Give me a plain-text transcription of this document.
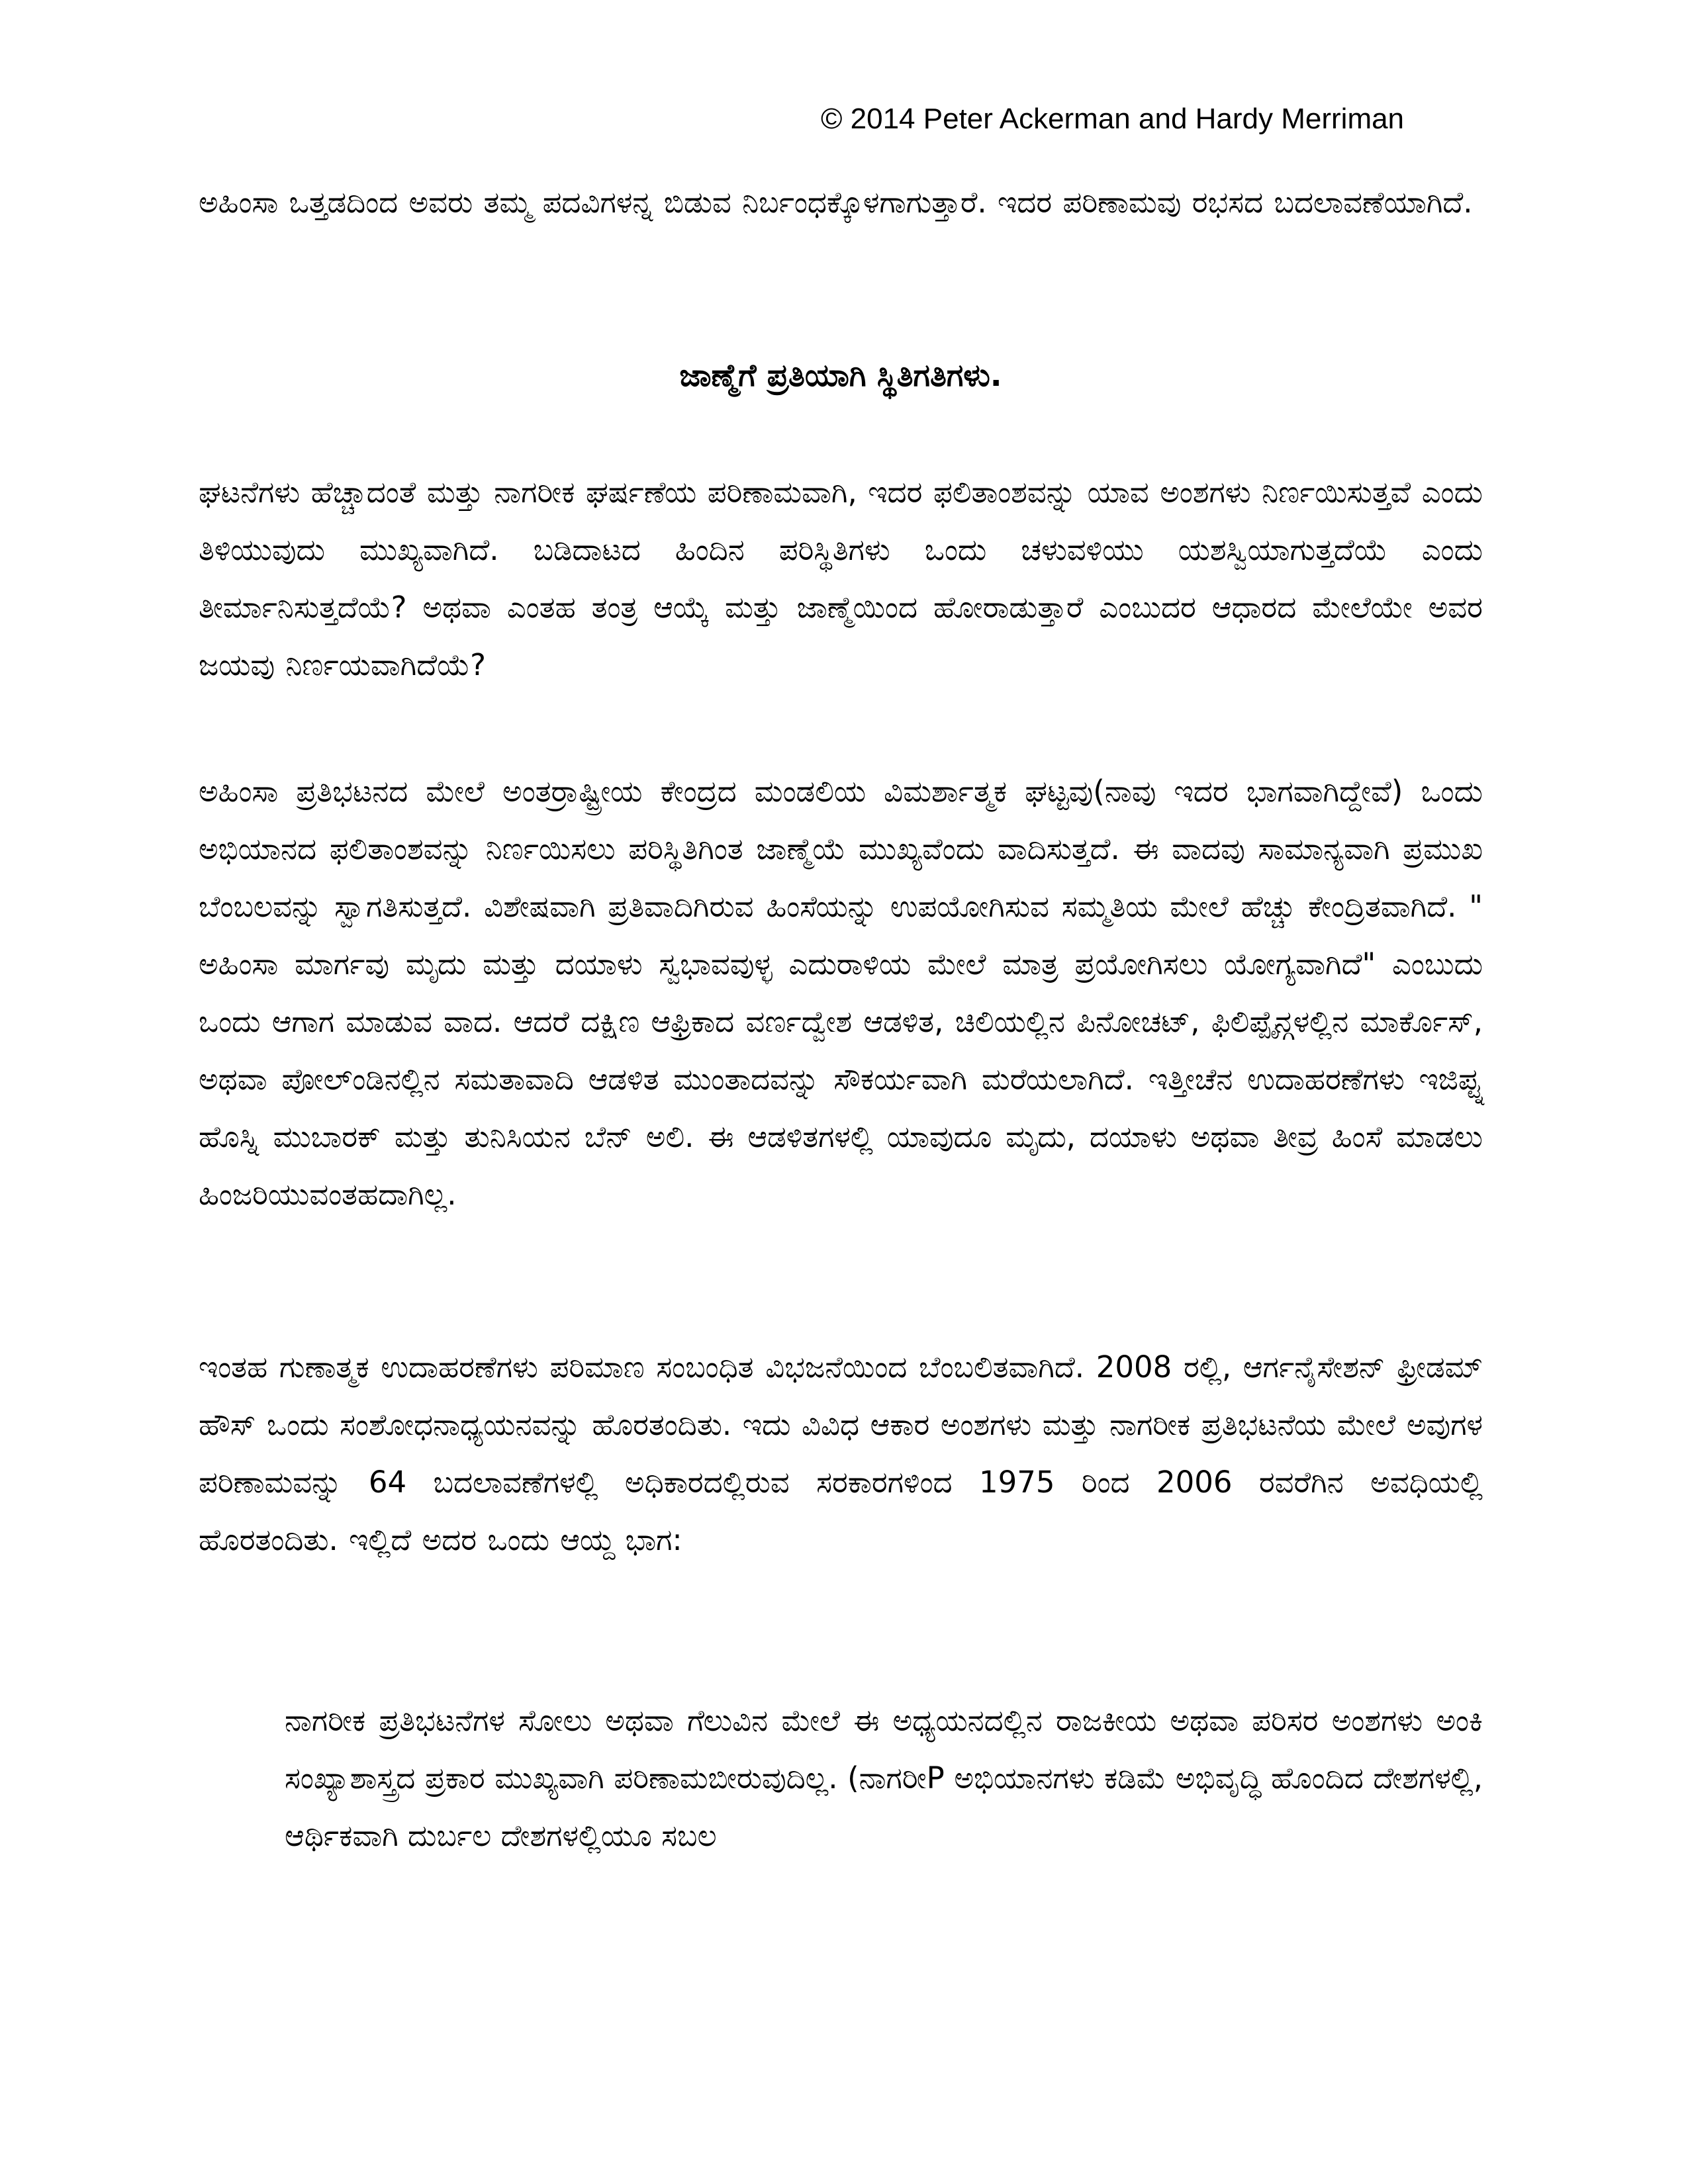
© 2014 Peter Ackerman and Hardy Merriman

ಅಹಿಂಸಾ ಒತ್ತಡದಿಂದ ಅವರು ತಮ್ಮ ಪದವಿಗಳನ್ನ ಬಿಡುವ ನಿರ್ಬಂಧಕ್ಕೊಳಗಾಗುತ್ತಾರೆ. ಇದರ ಪರಿಣಾಮವು ರಭಸದ ಬದಲಾವಣೆಯಾಗಿದೆ.

ಜಾಣ್ಮೆಗೆ ಪ್ರತಿಯಾಗಿ ಸ್ಥಿತಿಗತಿಗಳು.

ಘಟನೆಗಳು ಹೆಚ್ಚಾದಂತೆ ಮತ್ತು ನಾಗರೀಕ ಘರ್ಷಣೆಯ ಪರಿಣಾಮವಾಗಿ, ಇದರ ಫಲಿತಾಂಶವನ್ನು ಯಾವ ಅಂಶಗಳು ನಿರ್ಣಯಿಸುತ್ತವೆ ಎಂದು ತಿಳಿಯುವುದು ಮುಖ್ಯವಾಗಿದೆ. ಬಡಿದಾಟದ ಹಿಂದಿನ ಪರಿಸ್ಥಿತಿಗಳು ಒಂದು ಚಳುವಳಿಯು ಯಶಸ್ವಿಯಾಗುತ್ತದೆಯೆ ಎಂದು ತೀರ್ಮಾನಿಸುತ್ತದೆಯೆ? ಅಥವಾ ಎಂತಹ ತಂತ್ರ ಆಯ್ಕೆ ಮತ್ತು ಜಾಣ್ಮೆಯಿಂದ ಹೋರಾಡುತ್ತಾರೆ ಎಂಬುದರ ಆಧಾರದ ಮೇಲೆಯೇ ಅವರ ಜಯವು ನಿರ್ಣಯವಾಗಿದೆಯೆ?

ಅಹಿಂಸಾ ಪ್ರತಿಭಟನದ ಮೇಲೆ ಅಂತರ್ರಾಷ್ಟ್ರೀಯ ಕೇಂದ್ರದ ಮಂಡಲಿಯ ವಿಮರ್ಶಾತ್ಮಕ ಘಟ್ಟವು(ನಾವು ಇದರ ಭಾಗವಾಗಿದ್ದೇವೆ) ಒಂದು ಅಭಿಯಾನದ ಫಲಿತಾಂಶವನ್ನು ನಿರ್ಣಯಿಸಲು ಪರಿಸ್ಥಿತಿಗಿಂತ ಜಾಣ್ಮೆಯೆ ಮುಖ್ಯವೆಂದು ವಾದಿಸುತ್ತದೆ. ಈ ವಾದವು ಸಾಮಾನ್ಯವಾಗಿ ಪ್ರಮುಖ ಬೆಂಬಲವನ್ನು ಸ್ವಾಗತಿಸುತ್ತದೆ. ವಿಶೇಷವಾಗಿ ಪ್ರತಿವಾದಿಗಿರುವ ಹಿಂಸೆಯನ್ನು ಉಪಯೋಗಿಸುವ ಸಮ್ಮತಿಯ ಮೇಲೆ ಹೆಚ್ಚು ಕೇಂದ್ರಿತವಾಗಿದೆ. " ಅಹಿಂಸಾ ಮಾರ್ಗವು ಮೃದು ಮತ್ತು ದಯಾಳು ಸ್ವಭಾವವುಳ್ಳ ಎದುರಾಳಿಯ ಮೇಲೆ ಮಾತ್ರ ಪ್ರಯೋಗಿಸಲು ಯೋಗ್ಯವಾಗಿದೆ" ಎಂಬುದು ಒಂದು ಆಗಾಗ ಮಾಡುವ ವಾದ. ಆದರೆ ದಕ್ಷಿಣ ಆಫ್ರಿಕಾದ ವರ್ಣದ್ವೇಶ ಆಡಳಿತ, ಚಿಲಿಯಲ್ಲಿನ ಪಿನೋಚಟ್, ಫಿಲಿಪ್ಪೈನ್ಗಳಲ್ಲಿನ ಮಾರ್ಕೊಸ್, ಅಥವಾ ಪೋಲ್ಂಡಿನಲ್ಲಿನ ಸಮತಾವಾದಿ ಆಡಳಿತ ಮುಂತಾದವನ್ನು ಸೌಕರ್ಯವಾಗಿ ಮರೆಯಲಾಗಿದೆ. ಇತ್ತೀಚೆನ ಉದಾಹರಣೆಗಳು ಇಜಿಪ್ಟ್ನ ಹೊಸ್ನಿ ಮುಬಾರಕ್ ಮತ್ತು ತುನಿಸಿಯನ ಬೆನ್ ಅಲಿ. ಈ ಆಡಳಿತಗಳಲ್ಲಿ ಯಾವುದೂ ಮೃದು, ದಯಾಳು ಅಥವಾ ತೀವ್ರ ಹಿಂಸೆ ಮಾಡಲು ಹಿಂಜರಿಯುವಂತಹದಾಗಿಲ್ಲ.

ಇಂತಹ ಗುಣಾತ್ಮಕ ಉದಾಹರಣೆಗಳು ಪರಿಮಾಣ ಸಂಬಂಧಿತ ವಿಭಜನೆಯಿಂದ ಬೆಂಬಲಿತವಾಗಿದೆ. 2008 ರಲ್ಲಿ, ಆರ್ಗನೈಸೇಶನ್ ಫ್ರೀಡಮ್ ಹೌಸ್ ಒಂದು ಸಂಶೋಧನಾಧ್ಯಯನವನ್ನು ಹೊರತಂದಿತು. ಇದು ವಿವಿಧ ಆಕಾರ ಅಂಶಗಳು ಮತ್ತು ನಾಗರೀಕ ಪ್ರತಿಭಟನೆಯ ಮೇಲೆ ಅವುಗಳ ಪರಿಣಾಮವನ್ನು 64 ಬದಲಾವಣೆಗಳಲ್ಲಿ ಅಧಿಕಾರದಲ್ಲಿರುವ ಸರಕಾರಗಳಿಂದ 1975 ರಿಂದ 2006 ರವರೆಗಿನ ಅವಧಿಯಲ್ಲಿ ಹೊರತಂದಿತು. ಇಲ್ಲಿದೆ ಅದರ ಒಂದು ಆಯ್ದ ಭಾಗ:

ನಾಗರೀಕ ಪ್ರತಿಭಟನೆಗಳ ಸೋಲು ಅಥವಾ ಗೆಲುವಿನ ಮೇಲೆ ಈ ಅಧ್ಯಯನದಲ್ಲಿನ ರಾಜಕೀಯ ಅಥವಾ ಪರಿಸರ ಅಂಶಗಳು ಅಂಕಿ ಸಂಖ್ಯಾಶಾಸ್ತ್ರದ ಪ್ರಕಾರ ಮುಖ್ಯವಾಗಿ ಪರಿಣಾಮಬೀರುವುದಿಲ್ಲ. (ನಾಗರೀP ಅಭಿಯಾನಗಳು ಕಡಿಮೆ ಅಭಿವೃದ್ಧಿ ಹೊಂದಿದ ದೇಶಗಳಲ್ಲಿ, ಆರ್ಥಿಕವಾಗಿ ದುರ್ಬಲ ದೇಶಗಳಲ್ಲಿಯೂ ಸಬಲ
